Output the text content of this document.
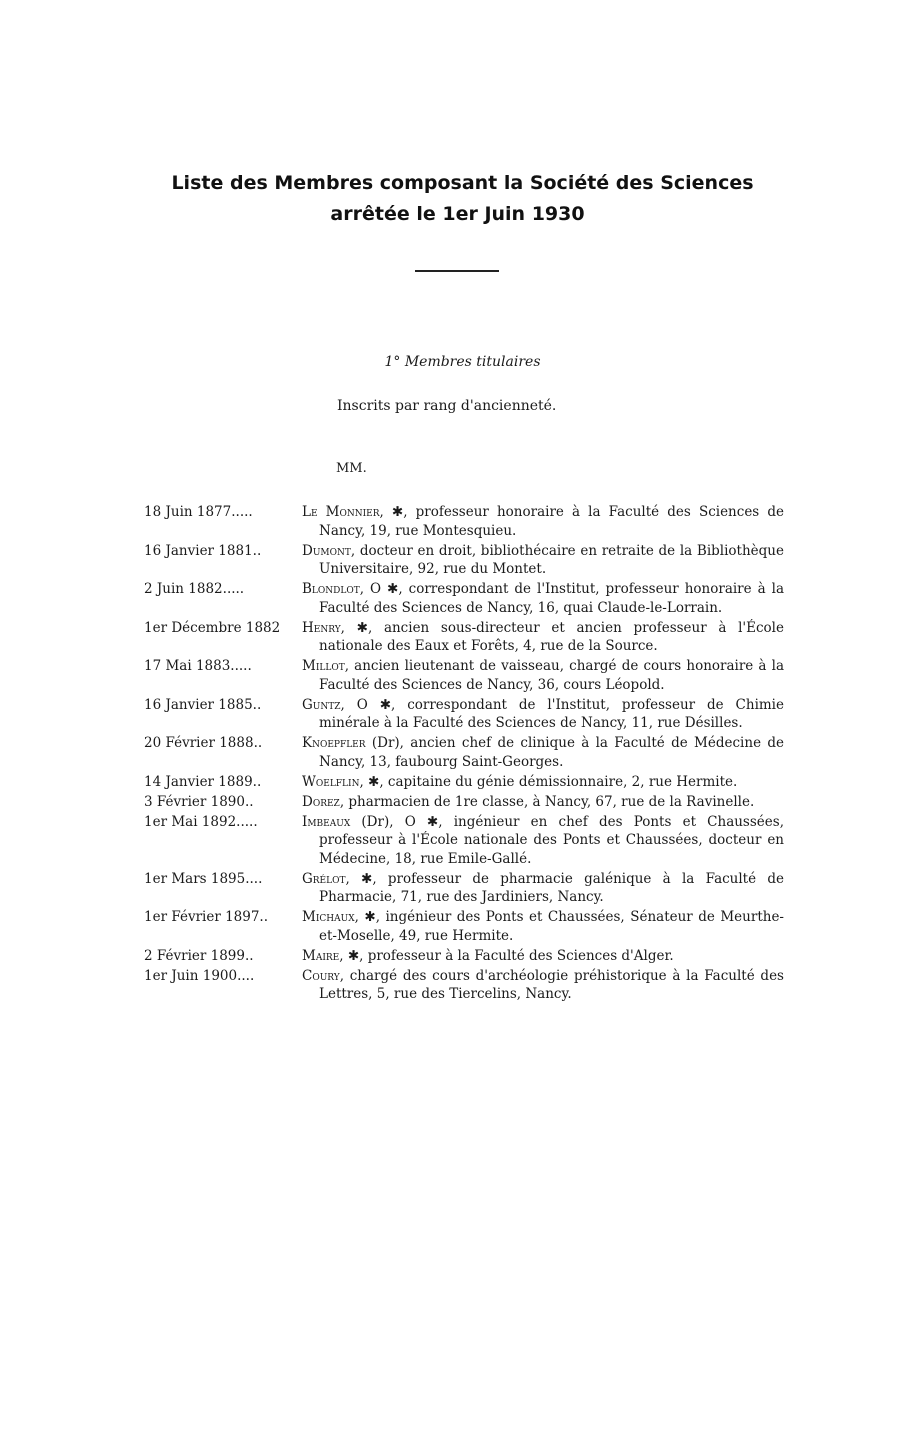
Liste des Membres composant la Société des Sciences
arrêtée le 1er Juin 1930
1° Membres titulaires
Inscrits par rang d'ancienneté.
MM.
18 Juin 1877.....	Le Monnier, ✱, professeur honoraire à la Faculté des Sciences de Nancy, 19, rue Montesquieu.
16 Janvier 1881..	Dumont, docteur en droit, bibliothécaire en retraite de la Bibliothèque Universitaire, 92, rue du Montet.
2 Juin 1882.....	Blondlot, O ✱, correspondant de l'Institut, professeur honoraire à la Faculté des Sciences de Nancy, 16, quai Claude-le-Lorrain.
1er Décembre 1882	Henry, ✱, ancien sous-directeur et ancien professeur à l'École nationale des Eaux et Forêts, 4, rue de la Source.
17 Mai 1883.....	Millot, ancien lieutenant de vaisseau, chargé de cours honoraire à la Faculté des Sciences de Nancy, 36, cours Léopold.
16 Janvier 1885..	Guntz, O ✱, correspondant de l'Institut, professeur de Chimie minérale à la Faculté des Sciences de Nancy, 11, rue Désilles.
20 Février 1888..	Knoepfler (Dr), ancien chef de clinique à la Faculté de Médecine de Nancy, 13, faubourg Saint-Georges.
14 Janvier 1889..	Woelflin, ✱, capitaine du génie démissionnaire, 2, rue Hermite.
3 Février 1890..	Dorez, pharmacien de 1re classe, à Nancy, 67, rue de la Ravinelle.
1er Mai 1892.....	Imbeaux (Dr), O ✱, ingénieur en chef des Ponts et Chaussées, professeur à l'École nationale des Ponts et Chaussées, docteur en Médecine, 18, rue Emile-Gallé.
1er Mars 1895....	Grélot, ✱, professeur de pharmacie galénique à la Faculté de Pharmacie, 71, rue des Jardiniers, Nancy.
1er Février 1897..	Michaux, ✱, ingénieur des Ponts et Chaussées, Sénateur de Meurthe-et-Moselle, 49, rue Hermite.
2 Février 1899..	Maire, ✱, professeur à la Faculté des Sciences d'Alger.
1er Juin 1900....	Coury, chargé des cours d'archéologie préhistorique à la Faculté des Lettres, 5, rue des Tiercelins, Nancy.
